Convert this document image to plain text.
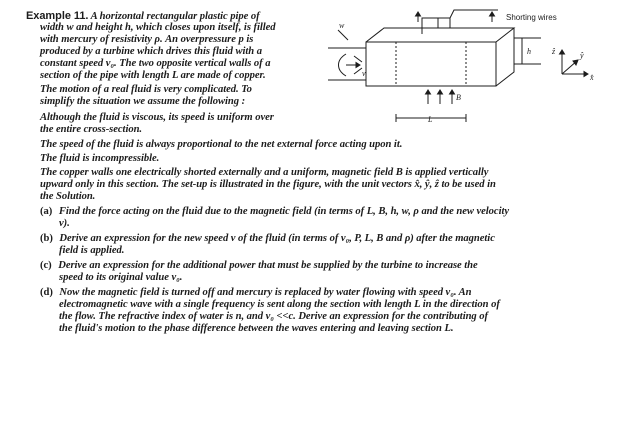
Example 11. A horizontal rectangular plastic pipe of
width w and height h, which closes upon itself, is filled
with mercury of resistivity ρ. An overpressure p is
produced by a turbine which drives this fluid with a
constant speed v₀. The two opposite vertical walls of a
section of the pipe with length L are made of copper.
The motion of a real fluid is very complicated. To
simplify the situation we assume the following :
Although the fluid is viscous, its speed is uniform over
the entire cross-section.
The speed of the fluid is always proportional to the net external force acting upon it.
The fluid is incompressible.
The copper walls one electrically shorted externally and a uniform, magnetic field B is applied vertically
upward only in this section. The set-up is illustrated in the figure, with the unit vectors x̂, ŷ, ẑ to be used in
the Solution.
(a) Find the force acting on the fluid due to the magnetic field (in terms of L, B, h, w, ρ and the new velocity
v).
(b) Derive an expression for the new speed v of the fluid (in terms of v₀, P, L, B and ρ) after the magnetic
field is applied.
(c) Derive an expression for the additional power that must be supplied by the turbine to increase the
speed to its original value v₀.
(d) Now the magnetic field is turned off and mercury is replaced by water flowing with speed v₀. An
electromagnetic wave with a single frequency is sent along the section with length L in the direction of
the flow. The refractive index of water is n, and v₀ <<c. Derive an expression for the contributing of
the fluid's motion to the phase difference between the waves entering and leaving section L.
Shorting wires
w
h
v
B
L
ẑ	ŷ
x̂
